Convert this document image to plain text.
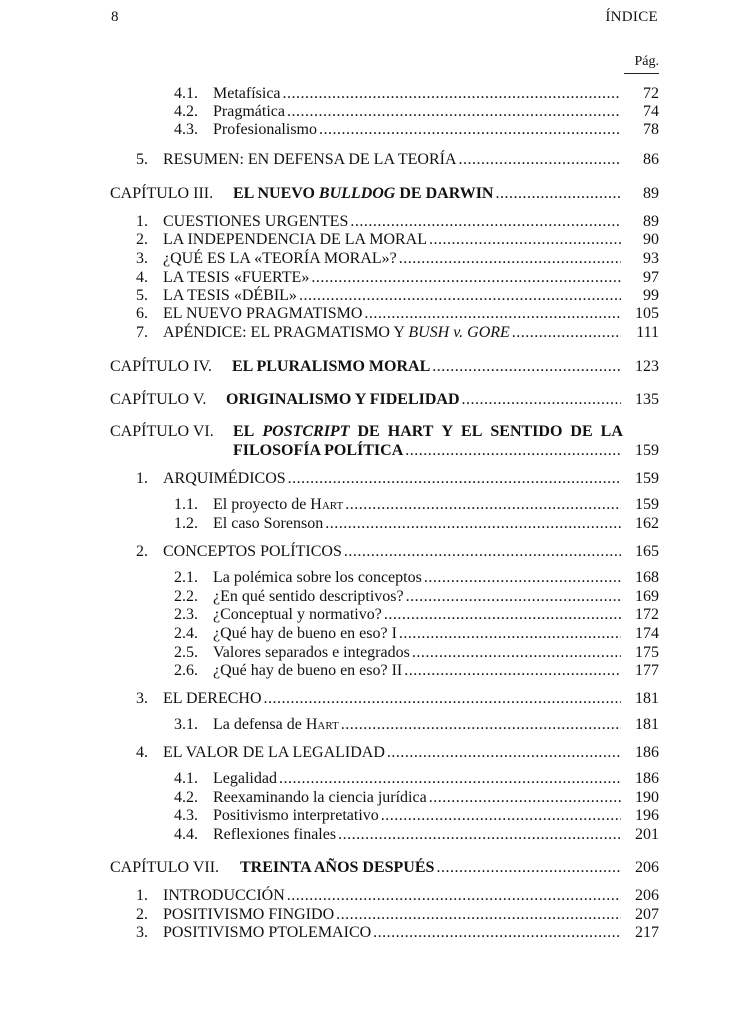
8	ÍNDICE
Pág.
4.1. Metafísica .....	72
4.2. Pragmática .....	74
4.3. Profesionalismo .....	78
5. RESUMEN: EN DEFENSA DE LA TEORÍA .....	86
CAPÍTULO III. EL NUEVO BULLDOG DE DARWIN .....	89
1. CUESTIONES URGENTES .....	89
2. LA INDEPENDENCIA DE LA MORAL .....	90
3. ¿QUÉ ES LA «TEORÍA MORAL»? .....	93
4. LA TESIS «FUERTE» .....	97
5. LA TESIS «DÉBIL» .....	99
6. EL NUEVO PRAGMATISMO .....	105
7. APÉNDICE: EL PRAGMATISMO Y BUSH v. GORE .....	111
CAPÍTULO IV. EL PLURALISMO MORAL .....	123
CAPÍTULO V. ORIGINALISMO Y FIDELIDAD .....	135
CAPÍTULO VI. EL POSTCRIPT DE HART Y EL SENTIDO DE LA
FILOSOFÍA POLÍTICA .....	159
1. ARQUIMÉDICOS .....	159
1.1. El proyecto de Hart .....	159
1.2. El caso Sorenson .....	162
2. CONCEPTOS POLÍTICOS .....	165
2.1. La polémica sobre los conceptos .....	168
2.2. ¿En qué sentido descriptivos? .....	169
2.3. ¿Conceptual y normativo? .....	172
2.4. ¿Qué hay de bueno en eso? I .....	174
2.5. Valores separados e integrados .....	175
2.6. ¿Qué hay de bueno en eso? II .....	177
3. EL DERECHO .....	181
3.1. La defensa de Hart .....	181
4. EL VALOR DE LA LEGALIDAD .....	186
4.1. Legalidad .....	186
4.2. Reexaminando la ciencia jurídica .....	190
4.3. Positivismo interpretativo .....	196
4.4. Reflexiones finales .....	201
CAPÍTULO VII. TREINTA AÑOS DESPUÉS .....	206
1. INTRODUCCIÓN .....	206
2. POSITIVISMO FINGIDO .....	207
3. POSITIVISMO PTOLEMAICO .....	217
